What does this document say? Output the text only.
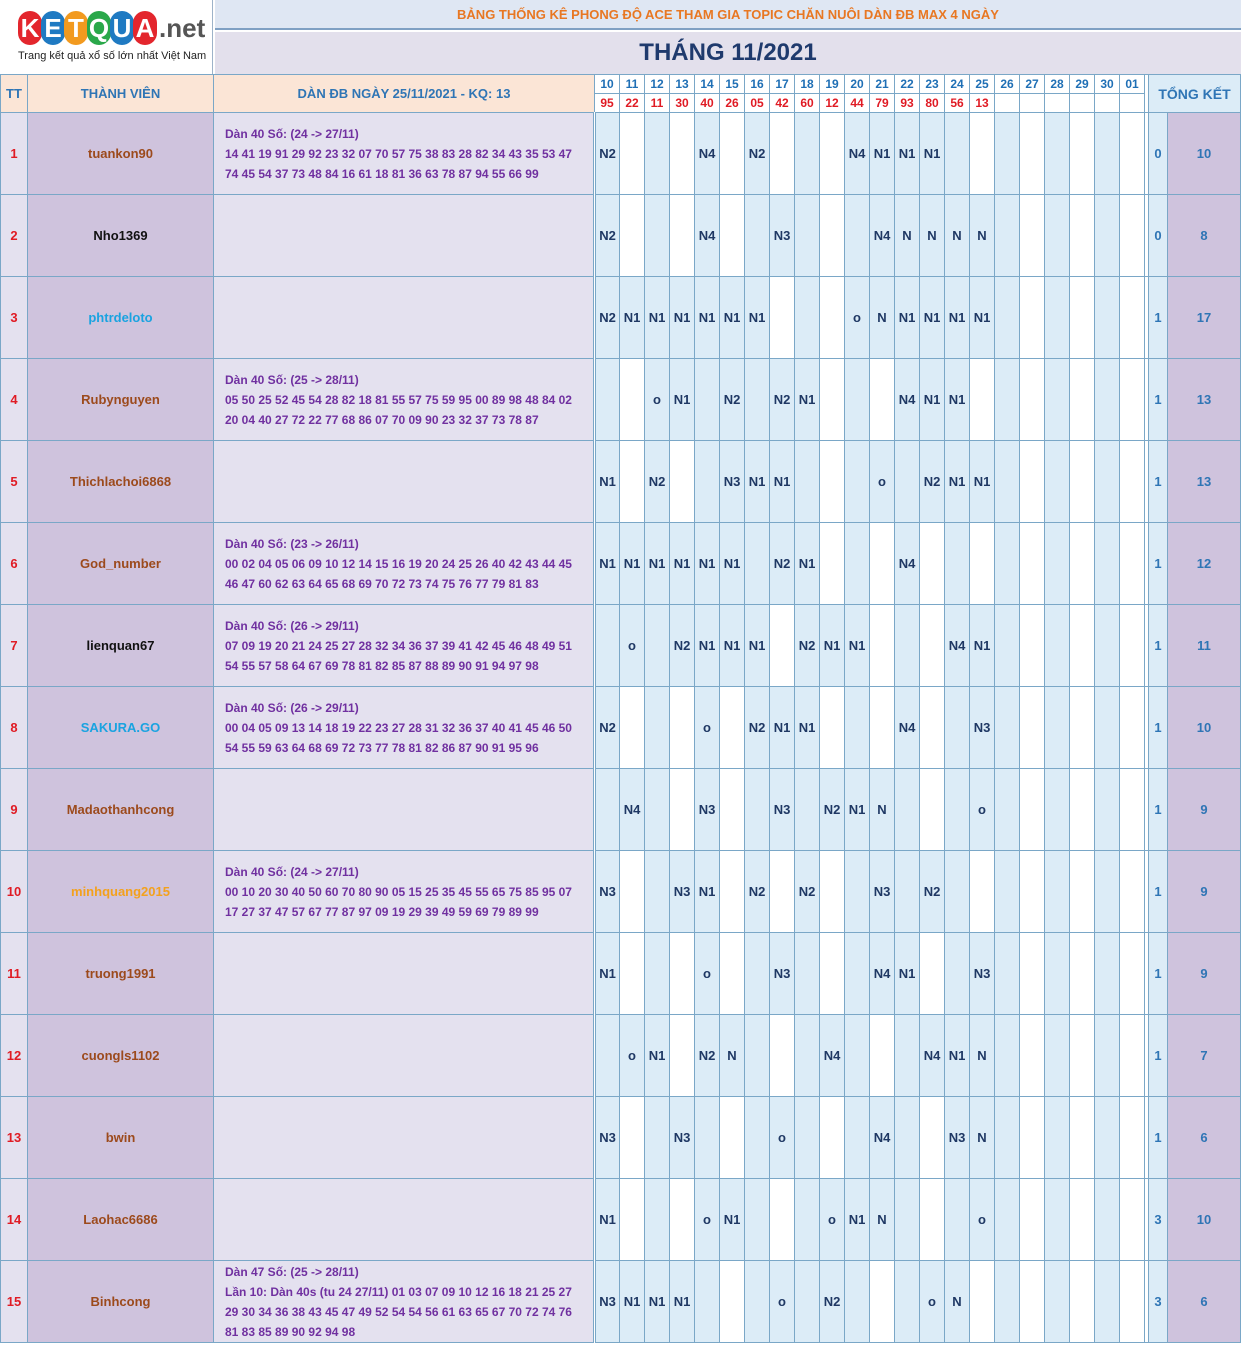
K E T Q U A .net
Trang kết quả xổ số lớn nhất Việt Nam
BẢNG THỐNG KÊ PHONG ĐỘ ACE THAM GIA TOPIC CHĂN NUÔI DÀN ĐB MAX 4 NGÀY
THÁNG 11/2021
TT	THÀNH VIÊN	DÀN ĐB NGÀY 25/11/2021 - KQ: 13	10	11	12	13	14	15	16	17	18	19	20	21	22	23	24	25	26	27	28	29	30	01		TỔNG KẾT	
			95	22	11	30	40	26	05	42	60	12	44	79	93	80	56	13									
1	tuankon90	Dàn 40 Số: (24 -> 27/11)
14 41 19 91 29 92 23 32 07 70 57 75 38 83 28 82 34 43 35 53 47
74 45 54 37 73 48 84 16 61 18 81 36 63 78 87 94 55 66 99	N2				N4		N2				N4	N1	N1	N1										0	10
2	Nho1369		N2				N4			N3				N4	N	N	N	N								0	8
3	phtrdeloto		N2	N1	N1	N1	N1	N1	N1				o	N	N1	N1	N1	N1								1	17
4	Rubynguyen	Dàn 40 Số: (25 -> 28/11)
05 50 25 52 45 54 28 82 18 81 55 57 75 59 95 00 89 98 48 84 02
20 04 40 27 72 22 77 68 86 07 70 09 90 23 32 37 73 78 87			o	N1		N2		N2	N1				N4	N1	N1									1	13
5	Thichlachoi6868		N1		N2			N3	N1	N1				o		N2	N1	N1								1	13
6	God_number	Dàn 40 Số: (23 -> 26/11)
00 02 04 05 06 09 10 12 14 15 16 19 20 24 25 26 40 42 43 44 45
46 47 60 62 63 64 65 68 69 70 72 73 74 75 76 77 79 81 83	N1	N1	N1	N1	N1	N1		N2	N1				N4											1	12
7	lienquan67	Dàn 40 Số: (26 -> 29/11)
07 09 19 20 21 24 25 27 28 32 34 36 37 39 41 42 45 46 48 49 51
54 55 57 58 64 67 69 78 81 82 85 87 88 89 90 91 94 97 98		o		N2	N1	N1	N1		N2	N1	N1				N4	N1								1	11
8	SAKURA.GO	Dàn 40 Số: (26 -> 29/11)
00 04 05 09 13 14 18 19 22 23 27 28 31 32 36 37 40 41 45 46 50
54 55 59 63 64 68 69 72 73 77 78 81 82 86 87 90 91 95 96	N2				o		N2	N1	N1				N4			N3								1	10
9	Madaothanhcong			N4			N3			N3		N2	N1	N				o								1	9
10	minhquang2015	Dàn 40 Số: (24 -> 27/11)
00 10 20 30 40 50 60 70 80 90 05 15 25 35 45 55 65 75 85 95 07
17 27 37 47 57 67 77 87 97 09 19 29 39 49 59 69 79 89 99	N3			N3	N1		N2		N2			N3		N2										1	9
11	truong1991		N1				o			N3				N4	N1			N3								1	9
12	cuongls1102			o	N1		N2	N				N4				N4	N1	N								1	7
13	bwin		N3			N3				o				N4			N3	N								1	6
14	Laohac6686		N1				o	N1				o	N1	N				o								3	10
15	Binhcong	Dàn 47 Số: (25 -> 28/11)
Lần 10: Dàn 40s (tu 24 27/11) 01 03 07 09 10 12 16 18 21 25 27
29 30 34 36 38 43 45 47 49 52 54 54 56 61 63 65 67 70 72 74 76
81 83 85 89 90 92 94 98	N3	N1	N1	N1				o		N2				o	N									3	6
